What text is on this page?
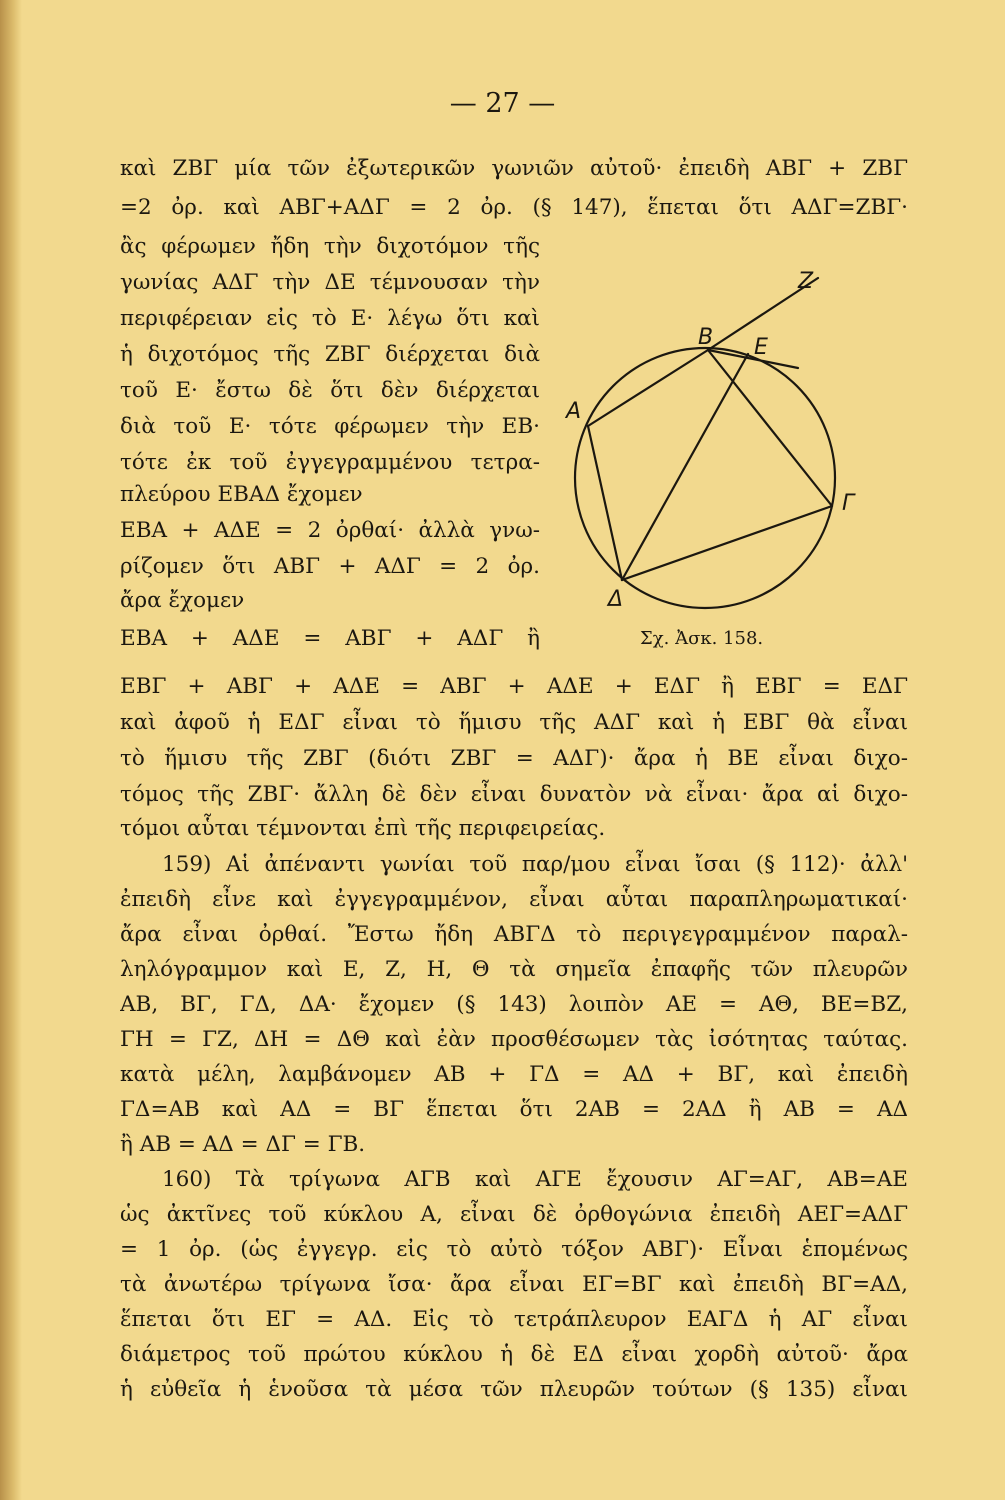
— 27 —
καὶ ΖΒΓ μία τῶν ἐξωτερικῶν γωνιῶν αὐτοῦ· ἐπειδὴ ΑΒΓ + ΖΒΓ
=2 ὀρ. καὶ ΑΒΓ+ΑΔΓ = 2 ὀρ. (§ 147), ἕπεται ὅτι ΑΔΓ=ΖΒΓ·
ἂς φέρωμεν ἤδη τὴν διχοτόμον τῆς
γωνίας ΑΔΓ τὴν ΔΕ τέμνουσαν τὴν
περιφέρειαν εἰς τὸ Ε· λέγω ὅτι καὶ
ἡ διχοτόμος τῆς ΖΒΓ διέρχεται διὰ
τοῦ Ε· ἔστω δὲ ὅτι δὲν διέρχεται
διὰ τοῦ Ε· τότε φέρωμεν τὴν ΕΒ·
τότε ἐκ τοῦ ἐγγεγραμμένου τετρα-
πλεύρου ΕΒΑΔ ἔχομεν
ΕΒΑ + ΑΔΕ = 2 ὀρθαί· ἀλλὰ γνω-
ρίζομεν ὅτι ΑΒΓ + ΑΔΓ = 2 ὀρ.
ἄρα ἔχομεν
ΕΒΑ + ΑΔΕ = ΑΒΓ + ΑΔΓ ἢ
ΕΒΓ + ΑΒΓ + ΑΔΕ = ΑΒΓ + ΑΔΕ + ΕΔΓ ἢ ΕΒΓ = ΕΔΓ
καὶ ἀφοῦ ἡ ΕΔΓ εἶναι τὸ ἥμισυ τῆς ΑΔΓ καὶ ἡ ΕΒΓ θὰ εἶναι
τὸ ἥμισυ τῆς ΖΒΓ (διότι ΖΒΓ = ΑΔΓ)· ἄρα ἡ ΒΕ εἶναι διχο-
τόμος τῆς ΖΒΓ· ἄλλη δὲ δὲν εἶναι δυνατὸν νὰ εἶναι· ἄρα αἱ διχο-
τόμοι αὗται τέμνονται ἐπὶ τῆς περιφειρείας.
159) Αἱ ἀπέναντι γωνίαι τοῦ παρ/μου εἶναι ἴσαι (§ 112)· ἀλλ'
ἐπειδὴ εἶνε καὶ ἐγγεγραμμένον, εἶναι αὗται παραπληρωματικαί·
ἄρα εἶναι ὀρθαί. Ἔστω ἤδη ΑΒΓΔ τὸ περιγεγραμμένον παραλ-
ληλόγραμμον καὶ Ε, Ζ, Η, Θ τὰ σημεῖα ἐπαφῆς τῶν πλευρῶν
ΑΒ, ΒΓ, ΓΔ, ΔΑ· ἔχομεν (§ 143) λοιπὸν ΑΕ = ΑΘ, ΒΕ=ΒΖ,
ΓΗ = ΓΖ, ΔΗ = ΔΘ καὶ ἐὰν προσθέσωμεν τὰς ἰσότητας ταύτας.
κατὰ μέλη, λαμβάνομεν ΑΒ + ΓΔ = ΑΔ + ΒΓ, καὶ ἐπειδὴ
ΓΔ=ΑΒ καὶ ΑΔ = ΒΓ ἕπεται ὅτι 2ΑΒ = 2ΑΔ ἢ ΑΒ = ΑΔ
ἢ ΑΒ = ΑΔ = ΔΓ = ΓΒ.
160) Τὰ τρίγωνα ΑΓΒ καὶ ΑΓΕ ἔχουσιν ΑΓ=ΑΓ, ΑΒ=ΑΕ
ὡς ἀκτῖνες τοῦ κύκλου Α, εἶναι δὲ ὀρθογώνια ἐπειδὴ ΑΕΓ=ΑΔΓ
= 1 ὀρ. (ὡς ἐγγεγρ. εἰς τὸ αὐτὸ τόξον ΑΒΓ)· Εἶναι ἑπομένως
τὰ ἀνωτέρω τρίγωνα ἴσα· ἄρα εἶναι ΕΓ=ΒΓ καὶ ἐπειδὴ ΒΓ=ΑΔ,
ἕπεται ὅτι ΕΓ = ΑΔ. Εἰς τὸ τετράπλευρον ΕΑΓΔ ἡ ΑΓ εἶναι
διάμετρος τοῦ πρώτου κύκλου ἡ δὲ ΕΔ εἶναι χορδὴ αὐτοῦ· ἄρα
ἡ εὐθεῖα ἡ ἑνοῦσα τὰ μέσα τῶν πλευρῶν τούτων (§ 135) εἶναι
A
B E
Z
Γ
Δ
Σχ. Ἀσκ. 158.
